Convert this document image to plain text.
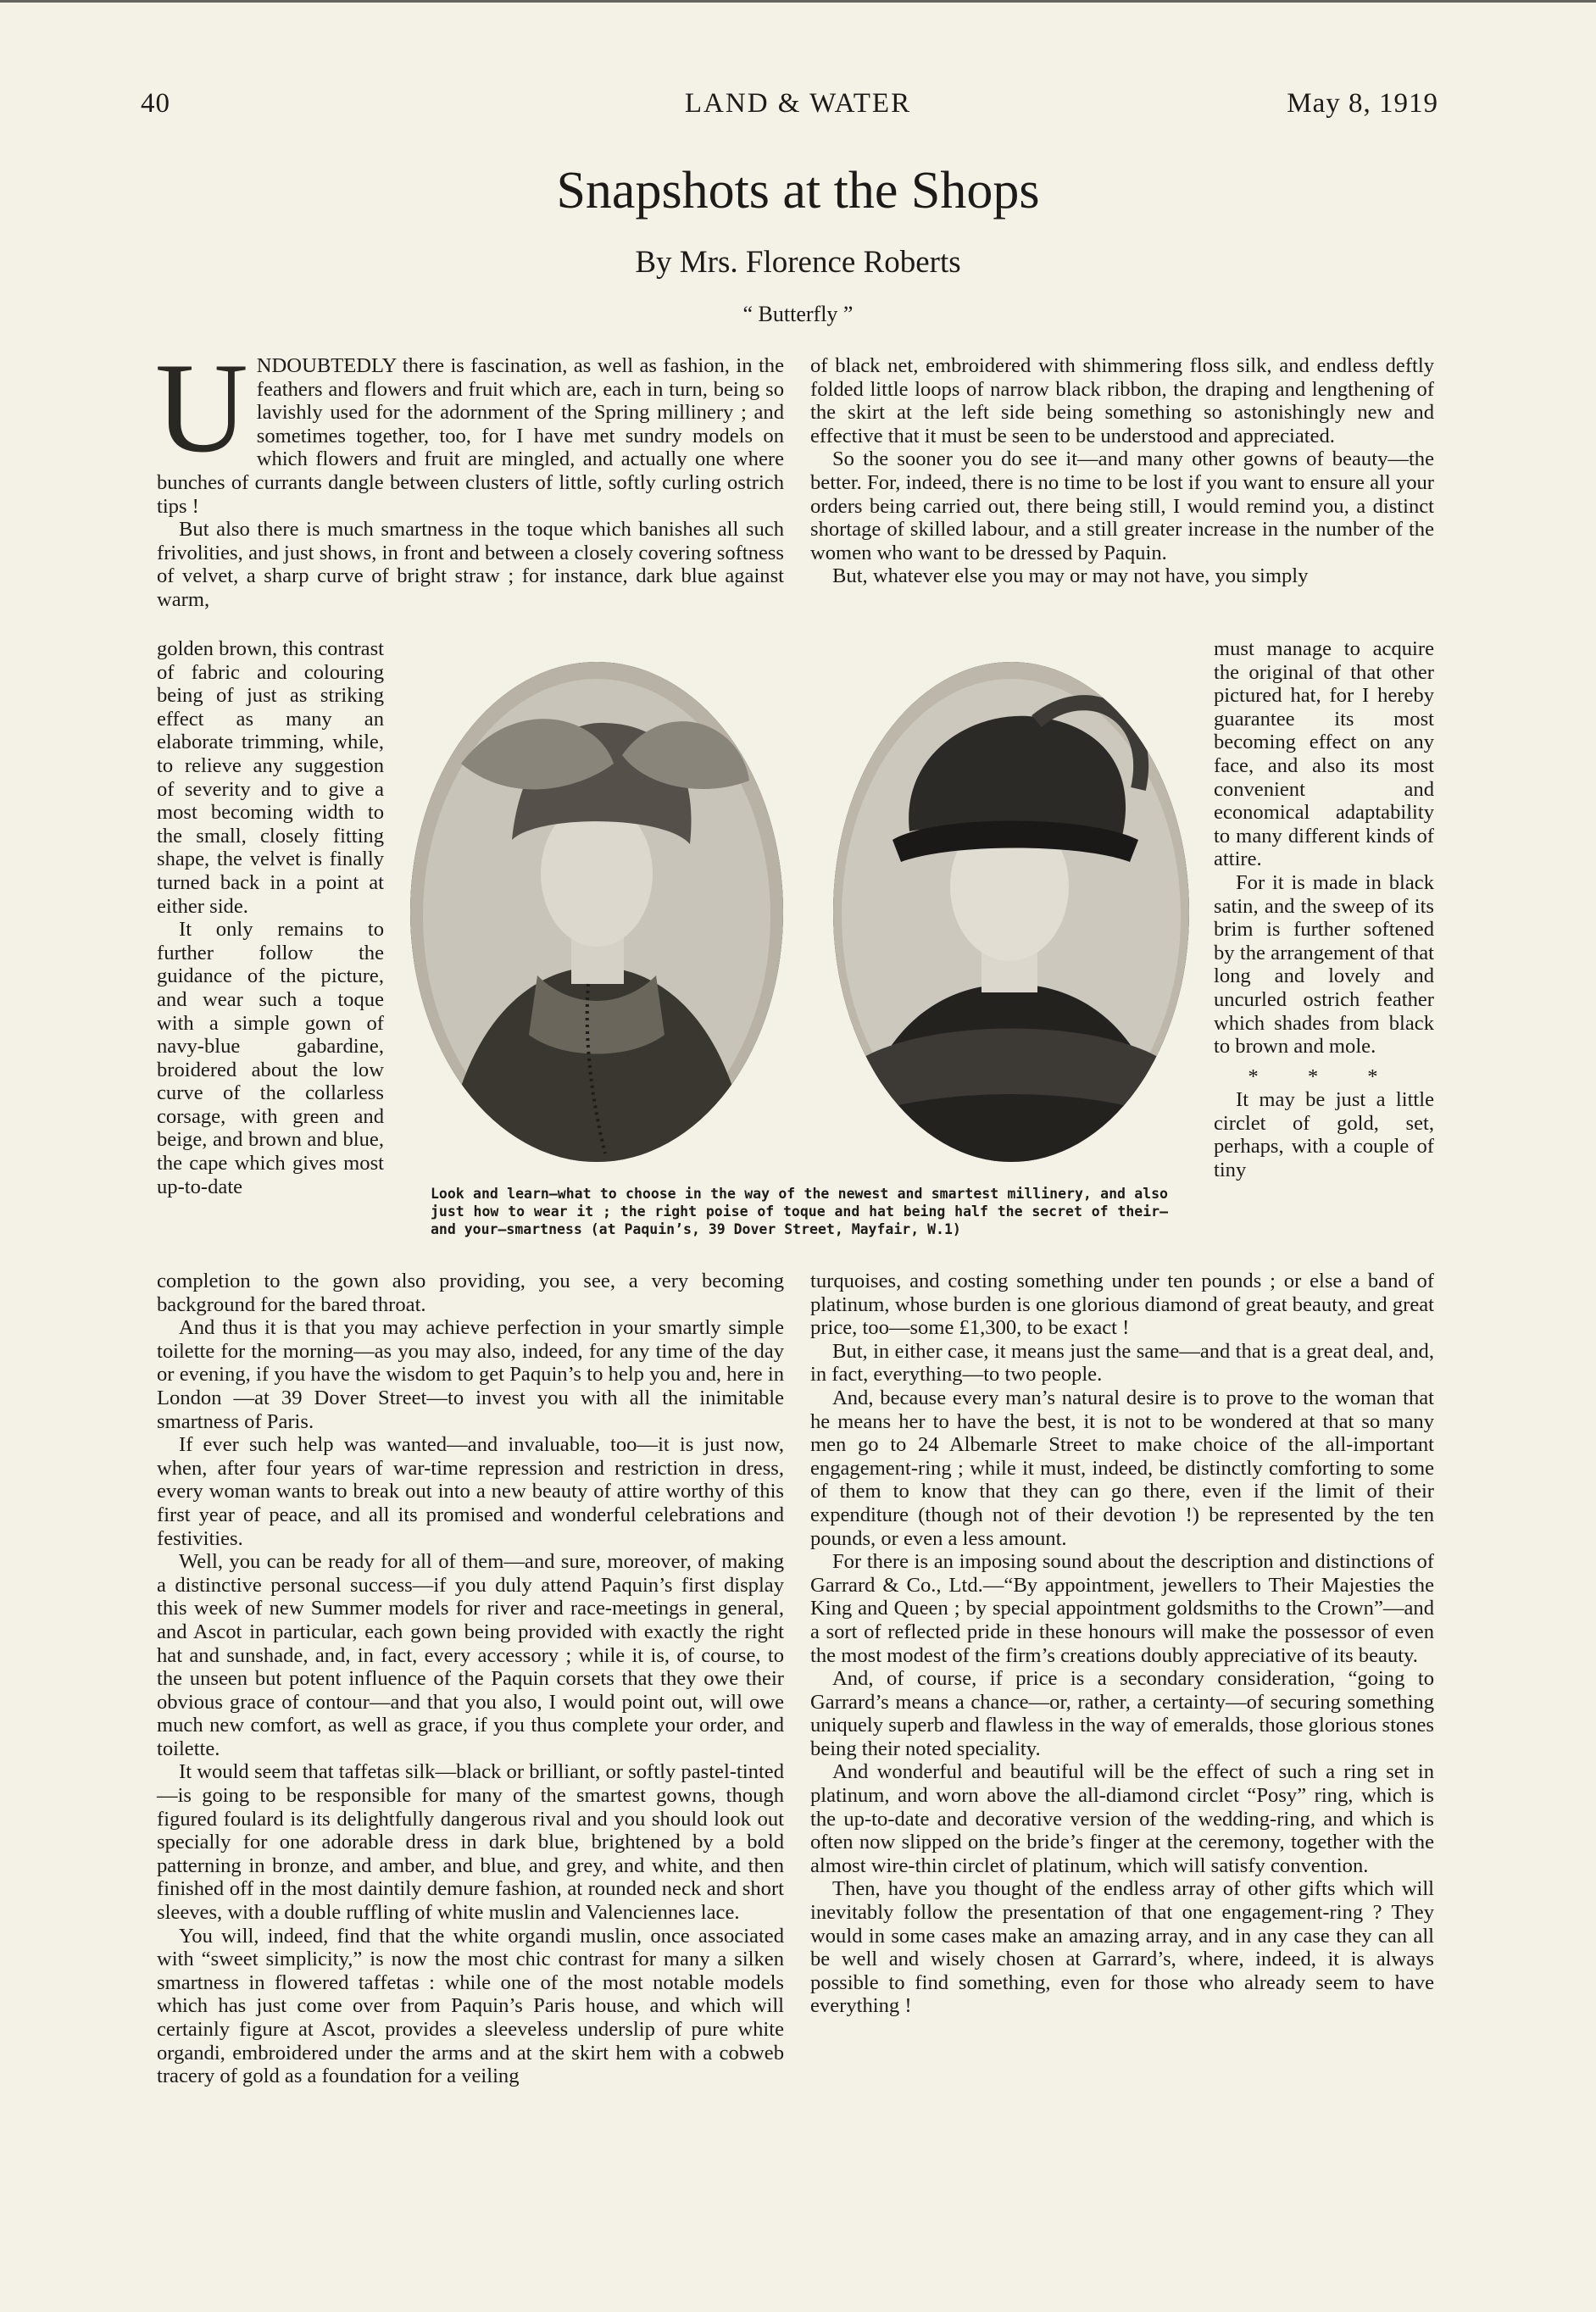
40	LAND & WATER	May 8, 1919
Snapshots at the Shops
By Mrs. Florence Roberts
“ Butterfly ”

UNDOUBTEDLY there is fascination, as well as fashion, in the feathers and flowers and fruit which are, each in turn, being so lavishly used for the adornment of the Spring millinery ; and sometimes together, too, for I have met sundry models on which flowers and fruit are mingled, and actually one where bunches of currants dangle between clusters of little, softly curling ostrich tips !

But also there is much smartness in the toque which banishes all such frivolities, and just shows, in front and between a closely covering softness of velvet, a sharp curve of bright straw ; for instance, dark blue against warm,

golden brown, this contrast of fabric and colouring being of just as striking effect as many an elaborate trimming, while, to relieve any suggestion of severity and to give a most becoming width to the small, closely fitting shape, the velvet is finally turned back in a point at either side.

It only remains to further follow the guidance of the picture, and wear such a toque with a simple gown of navy-blue gabardine, broidered about the low curve of the collarless corsage, with green and beige, and brown and blue, the cape which gives most up-to-date

of black net, embroidered with shimmering floss silk, and endless deftly folded little loops of narrow black ribbon, the draping and lengthening of the skirt at the left side being something so astonishingly new and effective that it must be seen to be understood and appreciated.

So the sooner you do see it—and many other gowns of beauty—the better. For, indeed, there is no time to be lost if you want to ensure all your orders being carried out, there being still, I would remind you, a distinct shortage of skilled labour, and a still greater increase in the number of the women who want to be dressed by Paquin.

But, whatever else you may or may not have, you simply

must manage to acquire the original of that other pictured hat, for I hereby guarantee its most becoming effect on any face, and also its most convenient and economical adaptability to many different kinds of attire.

For it is made in black satin, and the sweep of its brim is further softened by the arrangement of that long and lovely and uncurled ostrich feather which shades from black to brown and mole.

* * *

It may be just a little circlet of gold, set, perhaps, with a couple of tiny

Look and learn—what to choose in the way of the newest and smartest millinery, and also just how to wear it ; the right poise of toque and hat being half the secret of their—and your—smartness (at Paquin’s, 39 Dover Street, Mayfair, W.1)

completion to the gown also providing, you see, a very becoming background for the bared throat.

And thus it is that you may achieve perfection in your smartly simple toilette for the morning—as you may also, indeed, for any time of the day or evening, if you have the wisdom to get Paquin’s to help you and, here in London —at 39 Dover Street—to invest you with all the inimitable smartness of Paris.

If ever such help was wanted—and invaluable, too—it is just now, when, after four years of war-time repression and restriction in dress, every woman wants to break out into a new beauty of attire worthy of this first year of peace, and all its promised and wonderful celebrations and festivities.

Well, you can be ready for all of them—and sure, moreover, of making a distinctive personal success—if you duly attend Paquin’s first display this week of new Summer models for river and race-meetings in general, and Ascot in particular, each gown being provided with exactly the right hat and sunshade, and, in fact, every accessory ; while it is, of course, to the unseen but potent influence of the Paquin corsets that they owe their obvious grace of contour—and that you also, I would point out, will owe much new comfort, as well as grace, if you thus complete your order, and toilette.

It would seem that taffetas silk—black or brilliant, or softly pastel-tinted—is going to be responsible for many of the smartest gowns, though figured foulard is its delightfully dangerous rival and you should look out specially for one adorable dress in dark blue, brightened by a bold patterning in bronze, and amber, and blue, and grey, and white, and then finished off in the most daintily demure fashion, at rounded neck and short sleeves, with a double ruffling of white muslin and Valenciennes lace.

You will, indeed, find that the white organdi muslin, once associated with “sweet simplicity,” is now the most chic contrast for many a silken smartness in flowered taffetas : while one of the most notable models which has just come over from Paquin’s Paris house, and which will certainly figure at Ascot, provides a sleeveless underslip of pure white organdi, embroidered under the arms and at the skirt hem with a cobweb tracery of gold as a foundation for a veiling

turquoises, and costing something under ten pounds ; or else a band of platinum, whose burden is one glorious diamond of great beauty, and great price, too—some £1,300, to be exact !

But, in either case, it means just the same—and that is a great deal, and, in fact, everything—to two people.

And, because every man’s natural desire is to prove to the woman that he means her to have the best, it is not to be wondered at that so many men go to 24 Albemarle Street to make choice of the all-important engagement-ring ; while it must, indeed, be distinctly comforting to some of them to know that they can go there, even if the limit of their expenditure (though not of their devotion !) be represented by the ten pounds, or even a less amount.

For there is an imposing sound about the description and distinctions of Garrard & Co., Ltd.—“By appointment, jewellers to Their Majesties the King and Queen ; by special appointment goldsmiths to the Crown”—and a sort of reflected pride in these honours will make the possessor of even the most modest of the firm’s creations doubly appreciative of its beauty.

And, of course, if price is a secondary consideration, “going to Garrard’s means a chance—or, rather, a certainty—of securing something uniquely superb and flawless in the way of emeralds, those glorious stones being their noted speciality.

And wonderful and beautiful will be the effect of such a ring set in platinum, and worn above the all-diamond circlet “Posy” ring, which is the up-to-date and decorative version of the wedding-ring, and which is often now slipped on the bride’s finger at the ceremony, together with the almost wire-thin circlet of platinum, which will satisfy convention.

Then, have you thought of the endless array of other gifts which will inevitably follow the presentation of that one engagement-ring ? They would in some cases make an amazing array, and in any case they can all be well and wisely chosen at Garrard’s, where, indeed, it is always possible to find something, even for those who already seem to have everything !
